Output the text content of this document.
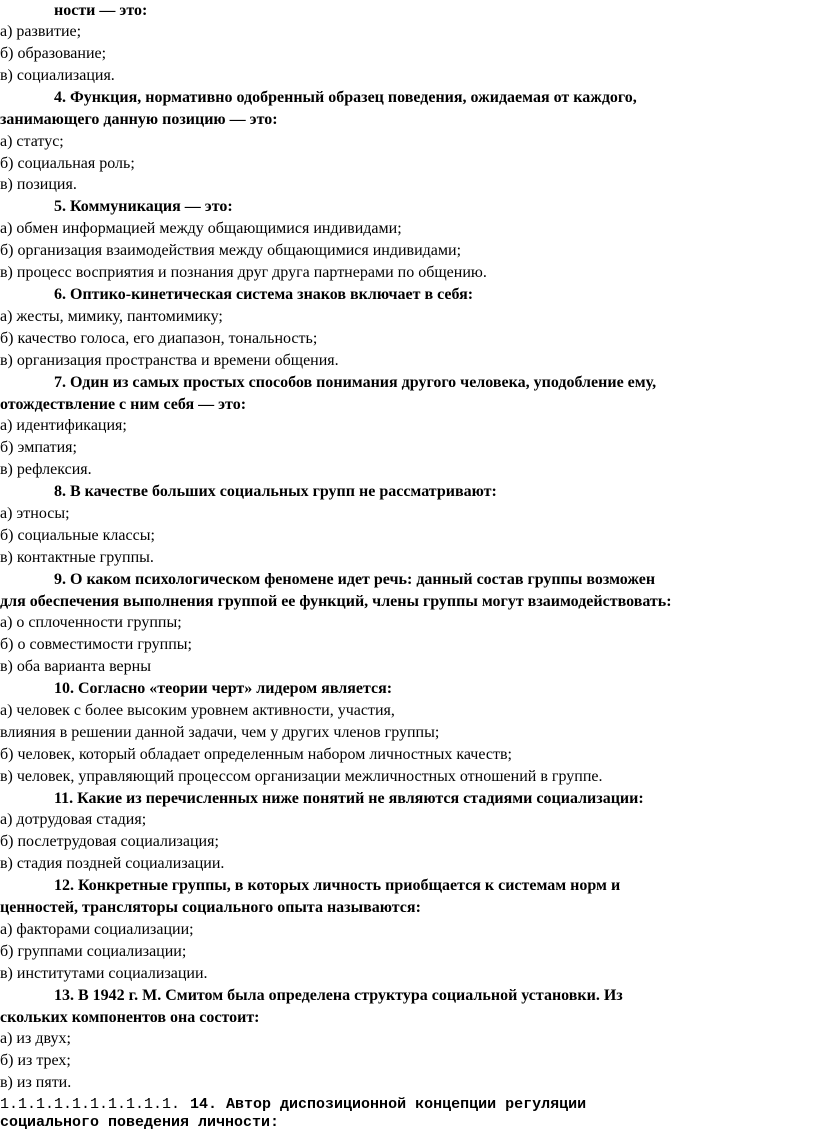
ности — это:
а) развитие;
б) образование;
в) социализация.
4. Функция, нормативно одобренный образец поведения, ожидаемая от каждого,
занимающего данную позицию — это:
а) статус;
б) социальная роль;
в) позиция.
5. Коммуникация — это:
а) обмен информацией между общающимися индивидами;
б) организация взаимодействия между общающимися индивидами;
в) процесс восприятия и познания друг друга партнерами по общению.
6. Оптико-кинетическая система знаков включает в себя:
а) жесты, мимику, пантомимику;
б) качество голоса, его диапазон, тональность;
в) организация пространства и времени общения.
7. Один из самых простых способов понимания другого человека, уподобление ему,
отождествление с ним себя — это:
а) идентификация;
б) эмпатия;
в) рефлексия.
8. В качестве больших социальных групп не рассматривают:
а) этносы;
б) социальные классы;
в) контактные группы.
9. О каком психологическом феномене идет речь: данный состав группы возможен
для обеспечения выполнения группой ее функций, члены группы могут взаимодействовать:
а) о сплоченности группы;
б) о совместимости группы;
в) оба варианта верны
10. Согласно «теории черт» лидером является:
а) человек с более высоким уровнем активности, участия,
влияния в решении данной задачи, чем у других членов группы;
б) человек, который обладает определенным набором личностных качеств;
в) человек, управляющий процессом организации межличностных отношений в группе.
11. Какие из перечисленных ниже понятий не являются стадиями социализации:
а) дотрудовая стадия;
б) послетрудовая социализация;
в) стадия поздней социализации.
12. Конкретные группы, в которых личность приобщается к системам норм и
ценностей, трансляторы социального опыта называются:
а) факторами социализации;
б) группами социализации;
в) институтами социализации.
13. В 1942 г. М. Смитом была определена структура социальной установки. Из
скольких компонентов она состоит:
а) из двух;
б) из трех;
в) из пяти.
1.1.1.1.1.1.1.1.1.1. 14. Автор диспозиционной концепции регуляции
социального поведения личности:
